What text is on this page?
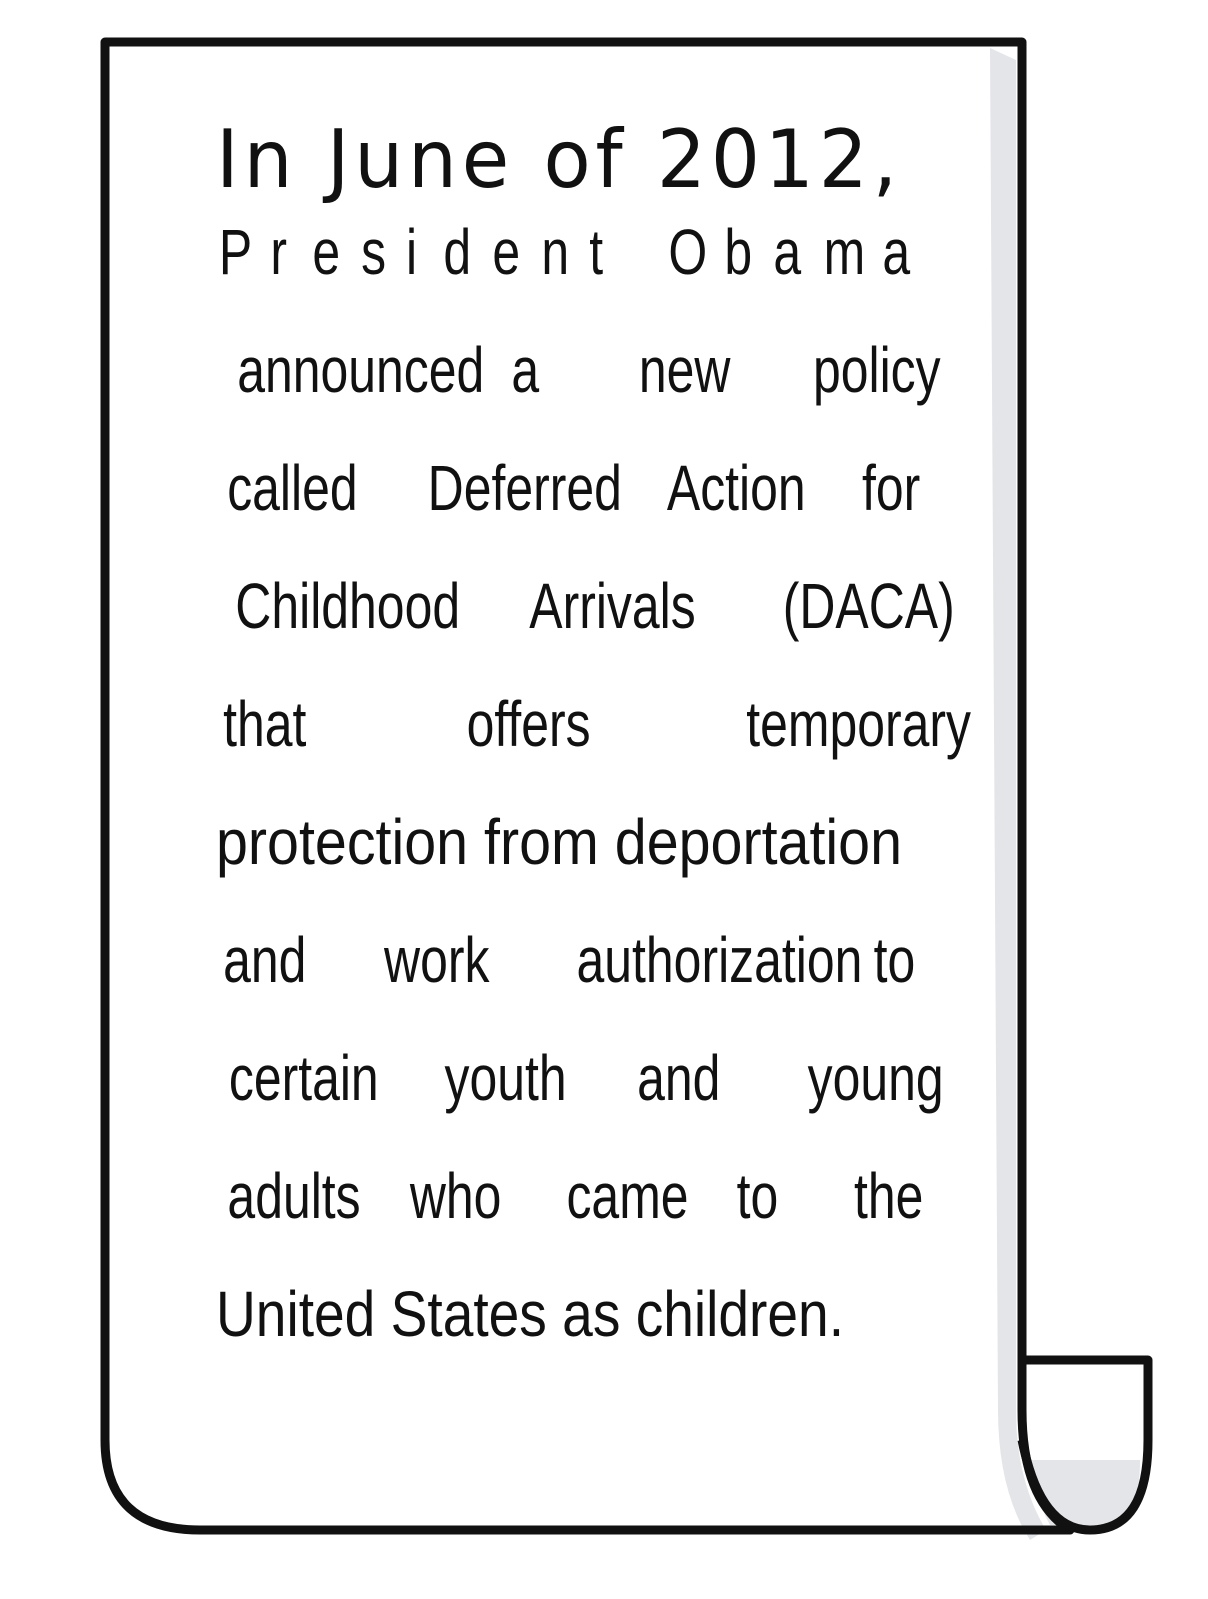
In June of 2012,
P r e s i d e n t
O b a m a
announced a new policy
called Deferred Action for
Childhood Arrivals (DACA)
that offers temporary
protection from deportation
and work authorization to
certain youth and young
adults who came to the
United States as children.
